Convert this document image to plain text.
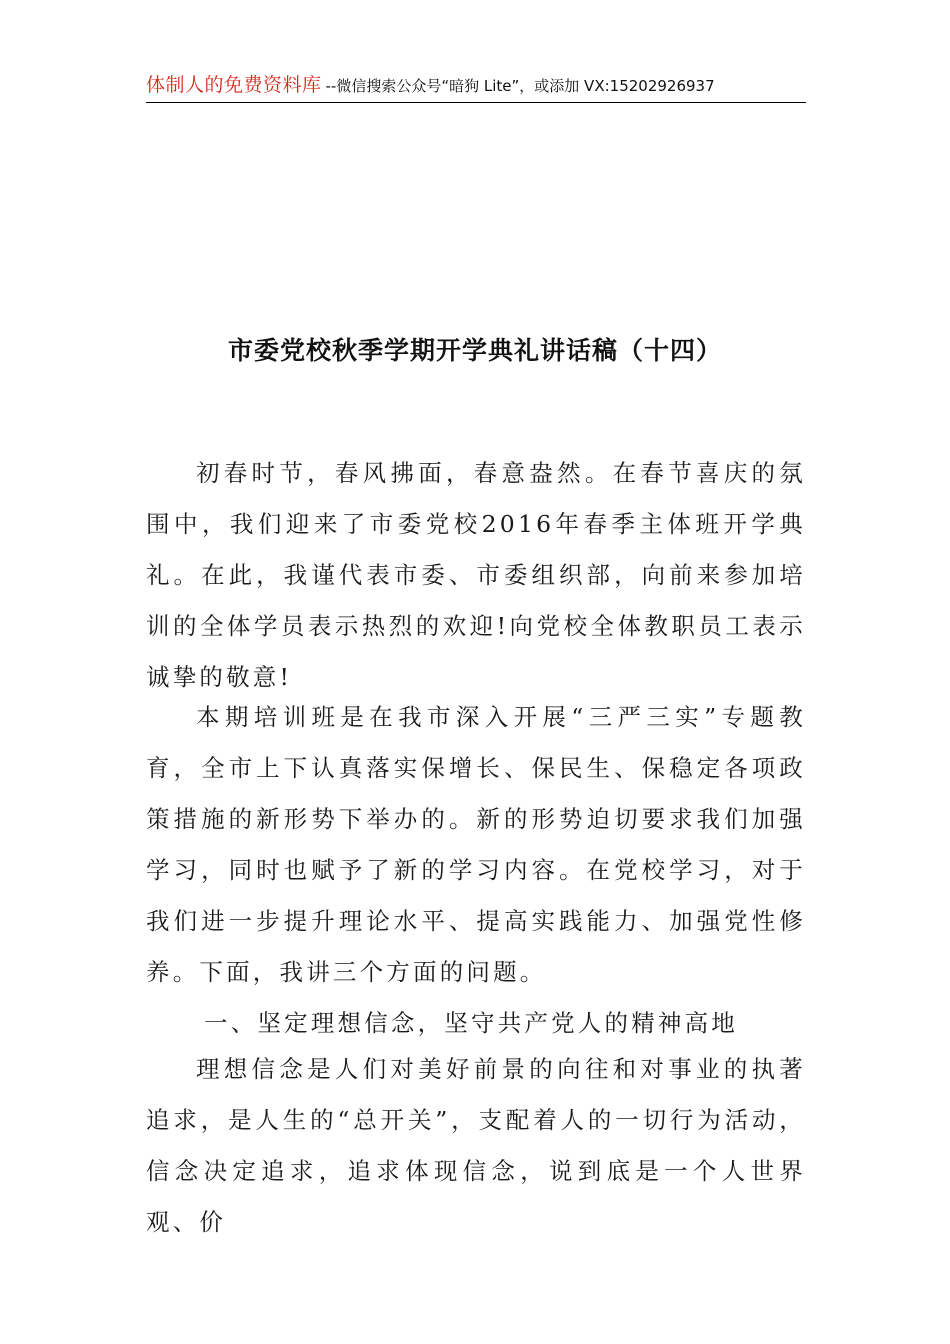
体制人的免费资料库 --微信搜索公众号“暗狗 Lite”，或添加 VX:15202926937
市委党校秋季学期开学典礼讲话稿（十四）

初春时节，春风拂面，春意盎然。在春节喜庆的氛围中，我们迎来了市委党校2016年春季主体班开学典礼。在此，我谨代表市委、市委组织部，向前来参加培训的全体学员表示热烈的欢迎!向党校全体教职员工表示诚挚的敬意!

本期培训班是在我市深入开展“三严三实”专题教育，全市上下认真落实保增长、保民生、保稳定各项政策措施的新形势下举办的。新的形势迫切要求我们加强学习，同时也赋予了新的学习内容。在党校学习，对于我们进一步提升理论水平、提高实践能力、加强党性修养。下面，我讲三个方面的问题。

一、坚定理想信念，坚守共产党人的精神高地

理想信念是人们对美好前景的向往和对事业的执著追求，是人生的“总开关”，支配着人的一切行为活动，信念决定追求，追求体现信念，说到底是一个人世界观、价
